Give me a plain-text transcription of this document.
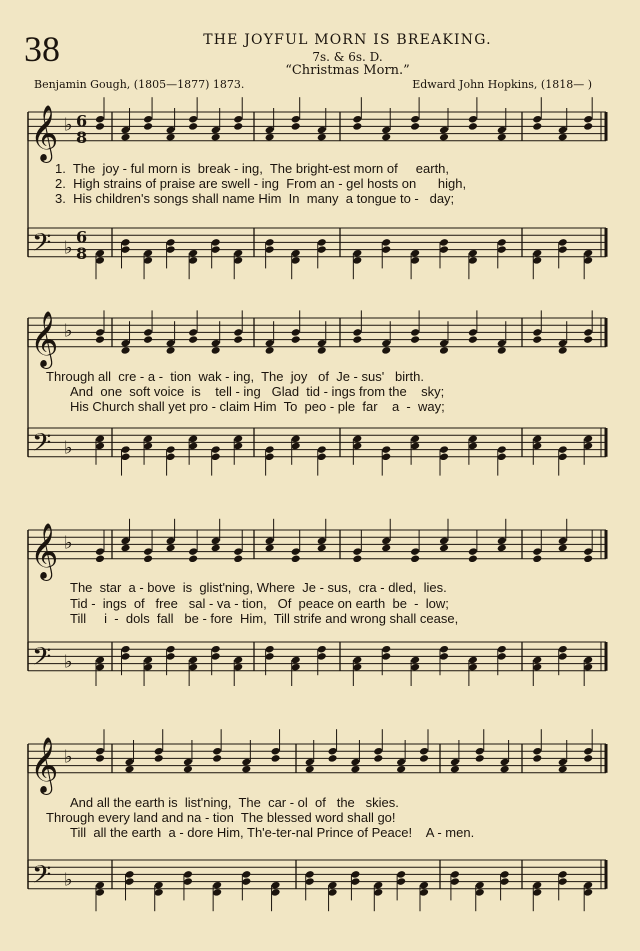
38	THE JOYFUL MORN IS BREAKING.
7s. & 6s. D.
“Christmas Morn.”
Benjamin Gough, (1805—1877) 1873.	Edward John Hopkins, (1818— )
𝄞 ♭ 6
8
𝄢 ♭
6
8
𝄞 ♭
𝄢 ♭
𝄞 ♭
𝄢 ♭
𝄞 ♭
𝄢 ♭
1.  The  joy - ful morn is  break - ing,  The bright-est morn of     earth,
2.  High strains of praise are swell - ing  From an - gel hosts on      high,
3.  His children's songs shall name Him  In  many  a tongue to -   day;
Through all  cre - a -  tion  wak - ing,  The  joy   of  Je - sus'   birth.
And  one  soft voice  is    tell - ing   Glad  tid - ings from the    sky;
His Church shall yet pro - claim Him  To  peo - ple  far    a  -  way;
The  star  a - bove  is  glist'ning, Where  Je - sus,  cra - dled,  lies.
Tid -  ings  of   free   sal - va - tion,   Of  peace on earth  be  -  low;
Till     i  -  dols  fall   be - fore  Him,  Till strife and wrong shall cease,
And all the earth is  list'ning,  The  car - ol  of   the   skies.
Through every land and na - tion  The blessed word shall go!
Till  all the earth  a - dore Him, Th'e-ter-nal Prince of Peace!    A - men.
